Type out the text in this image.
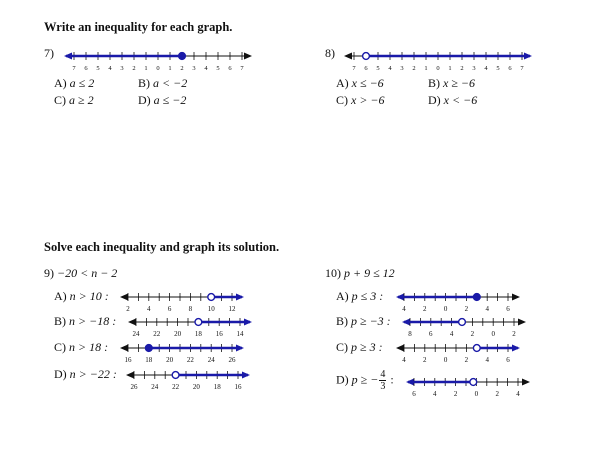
Write an inequality for each graph.
7)
7 6 5 4 3 2 1 0 1 2 3 4 5 6 7
A) a ≤ 2	B) a < −2
C) a ≥ 2	D) a ≤ −2
8)
7 6 5 4 3 2 1 0 1 2 3 4 5 6 7
A) x ≤ −6	B) x ≥ −6
C) x > −6	D) x < −6
Solve each inequality and graph its solution.
9) −20 < n − 2
A) n > 10 :
2 4 6 8 10 12
B) n > −18 :
24 22 20 18 16 14
C) n > 18 :
16 18 20 22 24 26
D) n > −22 :
26 24 22 20 18 16
10) p + 9 ≤ 12
A) p ≤ 3 :
4 2 0 2 4 6
B) p ≥ −3 :
8 6 4 2 0 2
C) p ≥ 3 :
4 2 0 2 4 6
D) p ≥ − $\frac{4}{3}$ :
6 4 2 0 2 4
